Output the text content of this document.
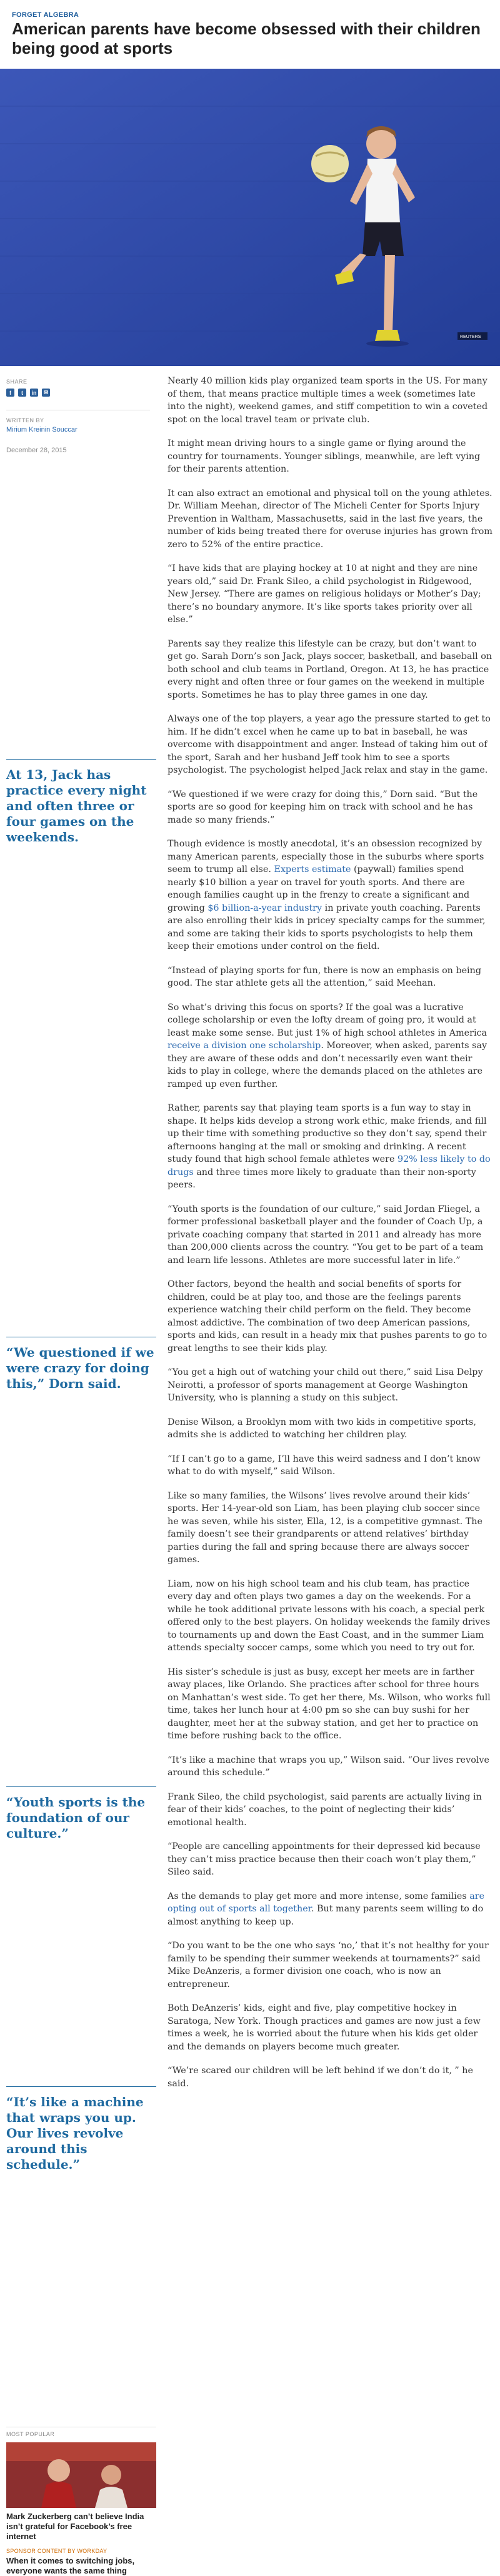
FORGET ALGEBRA
American parents have become obsessed with their children being good at sports
REUTERS
SHARE
f	t	in	✉
WRITTEN BY
Mirium Kreinin Souccar
December 28, 2015
At 13, Jack has practice every night and often three or four games on the weekends.
“We questioned if we were crazy for doing this,” Dorn said.
“Youth sports is the foundation of our culture.”
“It’s like a machine that wraps you up. Our lives revolve around this schedule.”

Nearly 40 million kids play organized team sports in the US. For many of them, that means practice multiple times a week (sometimes late into the night), weekend games, and stiff competition to win a coveted spot on the local travel team or private club.

It might mean driving hours to a single game or flying around the country for tournaments. Younger siblings, meanwhile, are left vying for their parents attention.

It can also extract an emotional and physical toll on the young athletes. Dr. William Meehan, director of The Micheli Center for Sports Injury Prevention in Waltham, Massachusetts, said in the last five years, the number of kids being treated there for overuse injuries has grown from zero to 52% of the entire practice.

“I have kids that are playing hockey at 10 at night and they are nine years old,” said Dr. Frank Sileo, a child psychologist in Ridgewood, New Jersey. “There are games on religious holidays or Mother’s Day; there’s no boundary anymore. It’s like sports takes priority over all else.”

Parents say they realize this lifestyle can be crazy, but don’t want to get go. Sarah Dorn’s son Jack, plays soccer, basketball, and baseball on both school and club teams in Portland, Oregon. At 13, he has practice every night and often three or four games on the weekend in multiple sports. Sometimes he has to play three games in one day.

Always one of the top players, a year ago the pressure started to get to him. If he didn’t excel when he came up to bat in baseball, he was overcome with disappointment and anger. Instead of taking him out of the sport, Sarah and her husband Jeff took him to see a sports psychologist. The psychologist helped Jack relax and stay in the game.

“We questioned if we were crazy for doing this,” Dorn said. “But the sports are so good for keeping him on track with school and he has made so many friends.”

Though evidence is mostly anecdotal, it’s an obsession recognized by many American parents, especially those in the suburbs where sports seem to trump all else. Experts estimate (paywall) families spend nearly $10 billion a year on travel for youth sports. And there are enough families caught up in the frenzy to create a significant and growing $6 billion-a-year industry in private youth coaching. Parents are also enrolling their kids in pricey specialty camps for the summer, and some are taking their kids to sports psychologists to help them keep their emotions under control on the field.

“Instead of playing sports for fun, there is now an emphasis on being good. The star athlete gets all the attention,” said Meehan.

So what’s driving this focus on sports? If the goal was a lucrative college scholarship or even the lofty dream of going pro, it would at least make some sense. But just 1% of high school athletes in America receive a division one scholarship. Moreover, when asked, parents say they are aware of these odds and don’t necessarily even want their kids to play in college, where the demands placed on the athletes are ramped up even further.

Rather, parents say that playing team sports is a fun way to stay in shape. It helps kids develop a strong work ethic, make friends, and fill up their time with something productive so they don’t say, spend their afternoons hanging at the mall or smoking and drinking. A recent study found that high school female athletes were 92% less likely to do drugs and three times more likely to graduate than their non-sporty peers.

“Youth sports is the foundation of our culture,” said Jordan Fliegel, a former professional basketball player and the founder of Coach Up, a private coaching company that started in 2011 and already has more than 200,000 clients across the country. “You get to be part of a team and learn life lessons. Athletes are more successful later in life.”

Other factors, beyond the health and social benefits of sports for children, could be at play too, and those are the feelings parents experience watching their child perform on the field. They become almost addictive. The combination of two deep American passions, sports and kids, can result in a heady mix that pushes parents to go to great lengths to see their kids play.

“You get a high out of watching your child out there,” said Lisa Delpy Neirotti, a professor of sports management at George Washington University, who is planning a study on this subject.

Denise Wilson, a Brooklyn mom with two kids in competitive sports, admits she is addicted to watching her children play.

“If I can’t go to a game, I’ll have this weird sadness and I don’t know what to do with myself,” said Wilson.

Like so many families, the Wilsons’ lives revolve around their kids’ sports. Her 14-year-old son Liam, has been playing club soccer since he was seven, while his sister, Ella, 12, is a competitive gymnast. The family doesn’t see their grandparents or attend relatives’ birthday parties during the fall and spring because there are always soccer games.

Liam, now on his high school team and his club team, has practice every day and often plays two games a day on the weekends. For a while he took additional private lessons with his coach, a special perk offered only to the best players. On holiday weekends the family drives to tournaments up and down the East Coast, and in the summer Liam attends specialty soccer camps, some which you need to try out for.

His sister’s schedule is just as busy, except her meets are in farther away places, like Orlando. She practices after school for three hours on Manhattan’s west side. To get her there, Ms. Wilson, who works full time, takes her lunch hour at 4:00 pm so she can buy sushi for her daughter, meet her at the subway station, and get her to practice on time before rushing back to the office.

“It’s like a machine that wraps you up,” Wilson said. “Our lives revolve around this schedule.”

Frank Sileo, the child psychologist, said parents are actually living in fear of their kids’ coaches, to the point of neglecting their kids’ emotional health.

“People are cancelling appointments for their depressed kid because they can’t miss practice because then their coach won’t play them,” Sileo said.

As the demands to play get more and more intense, some families are opting out of sports all together. But many parents seem willing to do almost anything to keep up.

“Do you want to be the one who says ‘no,’ that it’s not healthy for your family to be spending their summer weekends at tournaments?” said Mike DeAnzeris, a former division one coach, who is now an entrepreneur.

Both DeAnzeris’ kids, eight and five, play competitive hockey in Saratoga, New York. Though practices and games are now just a few times a week, he is worried about the future when his kids get older and the demands on players become much greater.

“We’re scared our children will be left behind if we don’t do it, ” he said.

MOST POPULAR
Mark Zuckerberg can’t believe India isn’t grateful for Facebook’s free internet
SPONSOR CONTENT BY WORKDAY
When it comes to switching jobs, everyone wants the same thing
